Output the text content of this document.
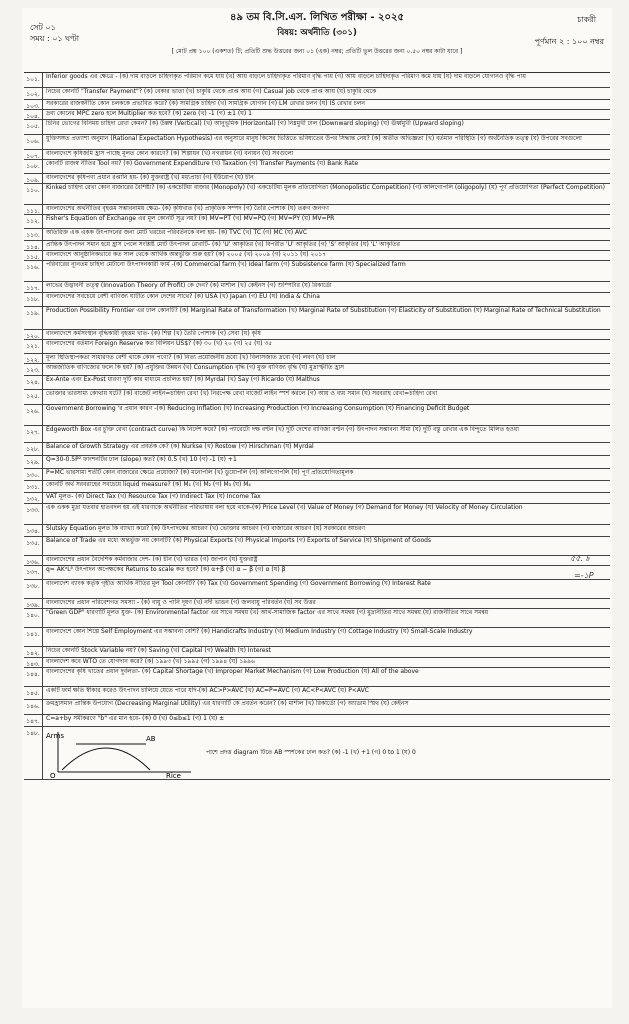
সেট ০১
সময় : ০১ ঘণ্টা
৪৯ তম বি.সি.এস. লিখিত পরীক্ষা - ২০২৫	চাকরী
বিষয়: অর্থনীতি (৩০১)
পূর্ণমান ২ : ১০০ নম্বর
[ মোট প্রশ্ন ১০০ (একশত) টি; প্রতিটি শুদ্ধ উত্তরের জন্য ০১ (এক) নম্বর; প্রতিটি ভুল উত্তরের জন্য ০.৫০ নম্বর কাটা যাবে ]
১০১.	Inferior goods এর ক্ষেত্রে - (ক) দাম বাড়লে চাহিদাকৃত পরিমাণ কমে যায় (খ) আয় বাড়লে চাহিদাকৃত পরিমাণ বৃদ্ধি পায় (গ) আয় বাড়লে চাহিদাকৃত পরিমাণ কমে যায় (ঘ) দাম বাড়লে যোগানও বৃদ্ধি পায়
১০২.	নিচের কোনটি "Transfer Payment"? (ক) বেকার ভাতা (খ) চাকুরি থেকে প্রাপ্ত আয় (গ) Casual job থেকে প্রাপ্ত আয় (ঘ) চাকুরি থেকে
১০৩.	সরকারের রাজস্বনীতি কোন চলককে প্রভাবিত করে? (ক) সামগ্রিক চাহিদা (খ) সামগ্রিক যোগান (গ) LM রেখার চলন (ঘ) IS রেখার চলন
১০৪.	দ্রব্য কোনের MPC zero হলে Multiplier কত হবে? (ক) zero (খ) -1 (গ) ±1 (ঘ) 1
১০৫.	চিনির ভোগের বিনিময় চাহিদা রেখা কেমন? (ক) উল্লম্ব (Vertical) (খ) আনুভূমিক (Horizontal) (গ) নিম্নমুখী ঢাল (Downward sloping) (ঘ) ঊর্ধ্বমুখী (Upward sloping)
১০৬.	যুক্তিসঙ্গত প্রত্যাশা অনুমান (Rational Expectation Hypothesis) এর অনুসারে মানুষ কিসের ভিত্তিতে ভবিষ্যতের উপর সিদ্ধান্ত নেয়? (ক) অতীত অভিজ্ঞতা (খ) বর্তমান পরিস্থিতি (গ) অর্থনৈতিক তত্ত্ব (ঘ) উপরের সবগুলো
১০৭.	বাংলাদেশে কৃষিজমি হ্রাস পাচ্ছে মূলত কোন কারণে? (ক) শিল্পায়ন (খ) নগরায়ন (গ) বনায়ন (ঘ) সবগুলো
১০৮.	কোনটি রাজস্ব নীতির Tool নয়? (ক) Government Expenditure (খ) Taxation (গ) Transfer Payments (ঘ) Bank Rate
১০৯.	বাংলাদেশের কৃষিপণ্য প্রধান রপ্তানি হয়- (ক) যুক্তরাষ্ট্র (খ) মধ্যপ্রাচ্য (গ) ইউরোপ (ঘ) চীন
১১০.	Kinked চাহিদা রেখা কোন বাজারের বৈশিষ্ট্য? (ক) একচেটিয়া বাজার (Monopoly) (খ) একচেটিয়া মূলক প্রতিযোগিতা (Monopolistic Competition) (গ) অলিগোপলি (oligopoly) (ঘ) পূর্ণ প্রতিযোগিতা (Perfect Competition)
১১১.	বাংলাদেশের অর্থনীতির বৃহত্তম সম্ভাবনাময় ক্ষেত্র- (ক) কৃষিখাত (খ) প্রাকৃতিক সম্পদ (গ) তৈরি পোশাক (ঘ) তরুণ জনগণ
১১২.	Fisher's Equation of Exchange এর মূল কোনটি সূত্র নয়? (ক) MV=PT (খ) MV=PQ (গ) MV=PY (ঘ) MV=PR
১১৩.	অতিরিক্ত এক একক উৎপাদনের জন্য মোট খরচের পরিবর্তনকে বলা হয়- (ক) TVC (খ) TC (গ) MC (ঘ) AVC
১১৪.	প্রান্তিক উৎপাদন সমান হয়ে হ্রাস পেলে সংশ্লিষ্ট মোট উৎপাদন রেখাটি- (ক) 'U' আকৃতির (খ) বিপরীত 'U' আকৃতির (গ) 'S' আকৃতির (ঘ) 'L' আকৃতির
১১৫.	বাংলাদেশে আনুষ্ঠানিকভাবে কত সাল থেকে আর্থিক অন্তর্ভুক্তি শুরু হয়? (ক) ২০০৫ (খ) ২০০৯ (গ) ২০১১ (ঘ) ২০১৭
১১৬.	পরিবারের ন্যূনতম চাহিদা মেটানো উৎপাদনকারী ফার্ম -(ক) Commercial farm (খ) Ideal farm (গ) Subsistence farm (ঘ) Specialized farm
১১৭.	লাভের উদ্ভাবনী তত্ত্ব (Innovation Theory of Profit) কে দেন? (ক) মার্শাল (খ) কেইনস (গ) শুম্পিটার (ঘ) রিকার্ডো
১১৮.	বাংলাদেশের সবচেয়ে বেশী বাণিজ্য ঘাটতি কোন দেশের সাথে? (ক) USA (খ) Japan (গ) EU (ঘ) India & China
১১৯.	Production Possibility Frontier এর ঢাল কোনটি? (ক) Marginal Rate of Transformation (খ) Marginal Rate of Substitution (গ) Elasticity of Substitution (ঘ) Marginal Rate of Technical Substitution
১২০.	বাংলাদেশে কর্মসংস্থান বৃদ্ধিকারী বৃহত্তম খাত- (ক) শিল্প (খ) তৈরি পোশাক (গ) সেবা (ঘ) কৃষি
১২১.	বাংলাদেশের বর্তমান Foreign Reserve কত বিলিয়ন US$? (ক) ৩০ (খ) ২০ (গ) ২৫ (ঘ) ৩৫
১২২.	মূল্য স্থিতিস্থাপকতা সাধারণত বেশী থাকে কোন পণ্যে? (ক) নিত্য প্রয়োজনীয় দ্রব্যে (খ) বিলাসজাত দ্রব্যে (গ) লবণ (ঘ) চাল
১২৩.	আন্তর্জাতিক বাণিজ্যের ফলে কি হয়? (ক) প্রযুক্তির উন্নয়ন (খ) Consumption বৃদ্ধি (গ) মুক্ত বাণিজ্য বৃদ্ধি (ঘ) মুদ্রাস্ফীতি হ্রাস
১২৪.	Ex-Ante এবং Ex-Post ধারণা দুটি কার মাধ্যমে প্রচলিত হয়? (ক) Myrdal (খ) Say (গ) Ricardo (ঘ) Malthus
১২৫.	ভোক্তার ভারসাম্য কোথায় ঘটে? (ক) বাজেট লাইন=চাহিদা রেখা (খ) নিরপেক্ষ রেখা বাজেট লাইন স্পর্শ করলে (গ) আয় ও ব্যয় সমান (ঘ) সরবরাহ রেখা=চাহিদা রেখা
১২৬.	Government Borrowing 'র প্রধান কারণ -(ক) Reducing Inflation (খ) Increasing Production (গ) Increasing Consumption (ঘ) Financing Deficit Budget
১২৭.	Edgeworth Box এর চুক্তি রেখা (contract curve) কি নির্দেশ করে? (ক) প্যারেটো দক্ষ বণ্টন (খ) দুটি দেশের বাণিজ্য বণ্টন (গ) উৎপাদন সম্ভাবনা সীমা (ঘ) দুটি বস্তু রেখার এক বিন্দুতে মিলিত হওয়া
১২৮.	Balance of Growth Strategy এর প্রবর্তক কে? (ক) Nurkse (খ) Rostow (গ) Hirschman (ঘ) Myrdal
১২৯.	Q=30-0.5P² ফাংশনটির ঢাল (slope) কত? (ক) 0.5 (খ) 10 (গ) -1 (ঘ) +1
১৩০.	P=MC ভারসাম্য শর্তটি কোন বাজারের ক্ষেত্রে প্রযোজ্য? (ক) মনোপলি (খ) ডুয়োপলি (গ) অলিগোপলি (ঘ) পূর্ণ প্রতিযোগিতামূলক
১৩১.	কোনটি অর্থ সরবরাহের সবচেয়ে liquid measure? (ক) M₁ (খ) M₂ (গ) M₃ (ঘ) M₄
১৩২.	VAT মূলত- (ক) Direct Tax (খ) Resource Tax (গ) Indirect Tax (ঘ) Income Tax
১৩৩.	এক একক মুদ্রা যতবার হাতবদল হয় এই ধারণাকে অর্থনীতির পরিভাষায় বলা হয়ে থাকে-(ক) Price Level (খ) Value of Money (গ) Demand for Money (ঘ) Velocity of Money Circulation
১৩৪.	Slutsky Equation মূলত কি ব্যাখ্যা করে? (ক) উৎপাদকের আচরণ (খ) ভোক্তার আচরণ (গ) বাজারের আচরণ (ঘ) সরকারের আচরণ
১৩৫.	Balance of Trade এর মধ্যে অন্তর্ভুক্ত নয় কোনটি? (ক) Physical Exports (খ) Physical Imports (গ) Exports of Service (ঘ) Shipment of Goods
১৩৬.	বাংলাদেশের প্রধান বৈদেশিক কর্মবাজার দেশ- (ক) চীন (খ) ভারত (গ) জাপান (ঘ) যুক্তরাষ্ট্র
১৩৭.	q= AKᵅLᵝ উৎপাদন অপেক্ষকের Returns to scale কত হবে? (ক) α+β (খ) α − β (গ) α (ঘ) β
১৩৮.	বাংলাদেশ ব্যাংক কর্তৃক গৃহীত আর্থিক নীতির মূল Tool কোনটি? (ক) Tax (খ) Government Spending (গ) Government Borrowing (ঘ) Interest Rate
১৩৯.	বাংলাদেশের প্রধান পরিবেশগত সমস্যা - (ক) বায়ু ও পানি দূষণ (খ) নদী ভাঙন (গ) জলবায়ু পরিবর্তন (ঘ) সব উত্তর
১৪০.	"Green GDP" ধারণাটি মূলত যুক্ত- (ক) Environmental factor এর সাথে সমন্বয় (খ) আর্থ-সামাজিক factor এর সাথে সমন্বয় (গ) মুদ্রানীতির সাথে সমন্বয় (ঘ) রাজনীতির সাথে সমন্বয়
১৪১.	বাংলাদেশে কোন শিল্পে Self Employment এর সম্ভাবনা বেশি? (ক) Handicrafts Industry (খ) Medium Industry (গ) Cottage Industry (ঘ) Small-Scale Industry
১৪২.	নিচের কোনটি Stock Variable নয়? (ক) Saving (খ) Capital (গ) Wealth (ঘ) Interest
১৪৩.	বাংলাদেশ কবে WTO তে যোগদান করে? (ক) ১৯৯৩ (খ) ১৯৯৫ (গ) ১৯৯৪ (ঘ) ১৯৯৬
১৪৪.	বাংলাদেশের কৃষি খাতের প্রধান দুর্বলতা- (ক) Capital Shortage (খ) Improper Market Mechanism (গ) Low Production (ঘ) All of the above
১৪৫.	একটি ফার্ম ক্ষতি স্বীকার করেও উৎপাদন চালিয়ে যেতে পারে যদি-(ক) AC>P>AVC (খ) AC=P=AVC (গ) AC<P<AVC (ঘ) P<AVC
১৪৬.	ক্রমহ্রাসমান প্রান্তিক উপযোগ (Decreasing Marginal Utility) এর ধারণাটি কে প্রবর্তন করেন? (ক) মার্শাল (খ) রিকার্ডো (গ) অ্যাডাম স্মিথ (ঘ) কেইনস
১৪৭.	C=a+by সমীকরণে "b" এর মান হবে- (ক) 0 (খ) 0≤b≤1 (গ) 1 (ঘ) ±
১৪৮. Arms	AB
O	Rice
পাশে প্রদত্ত diagram টিতে AB স্পর্শকের ঢাল কত? (ক) -1 (খ) +1 (গ) 0 to 1 (ঘ) 0
৫৫. ৳
=-১P
